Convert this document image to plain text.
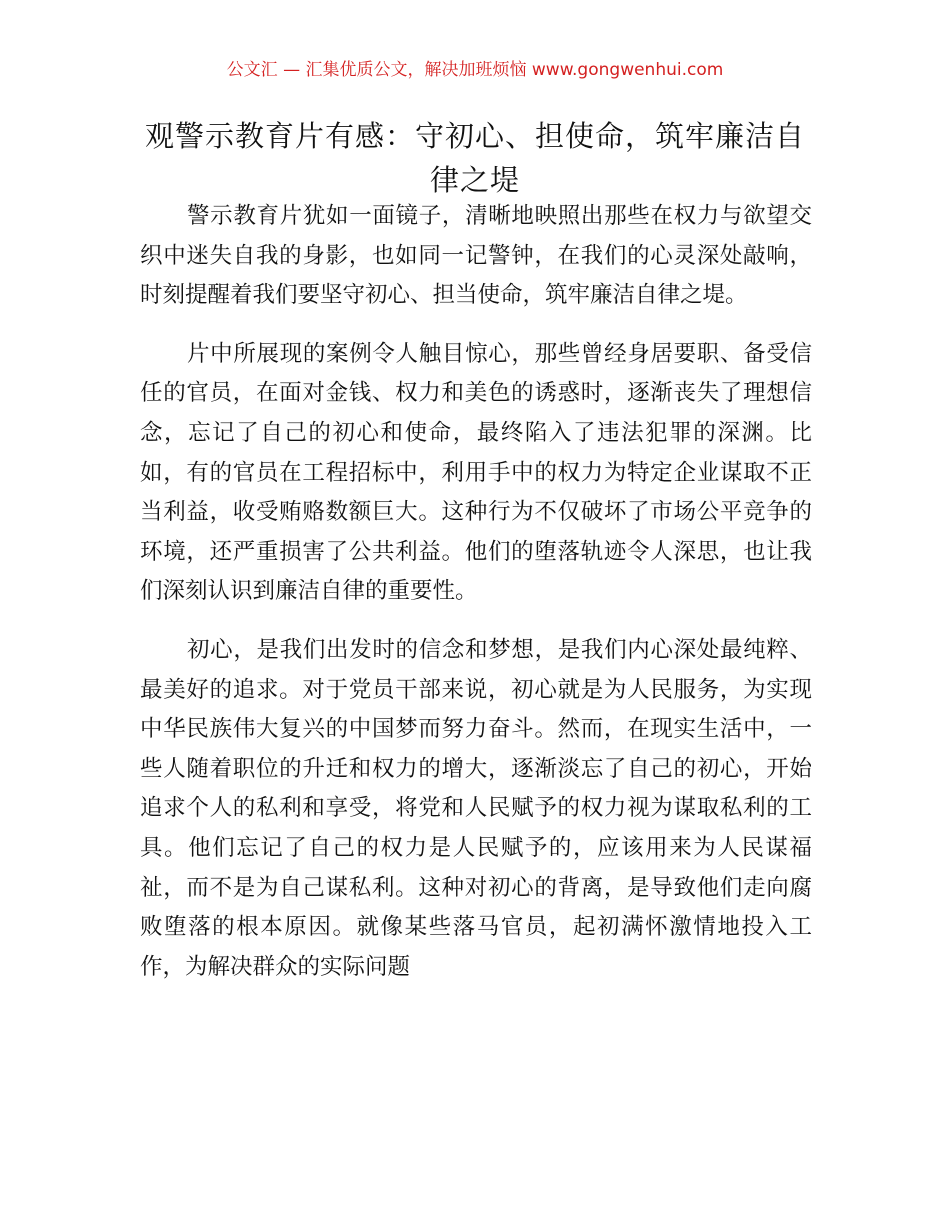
公文汇 — 汇集优质公文，解决加班烦恼 www.gongwenhui.com
观警示教育片有感：守初心、担使命，筑牢廉洁自律之堤

警示教育片犹如一面镜子，清晰地映照出那些在权力与欲望交织中迷失自我的身影，也如同一记警钟，在我们的心灵深处敲响，时刻提醒着我们要坚守初心、担当使命，筑牢廉洁自律之堤。

片中所展现的案例令人触目惊心，那些曾经身居要职、备受信任的官员，在面对金钱、权力和美色的诱惑时，逐渐丧失了理想信念，忘记了自己的初心和使命，最终陷入了违法犯罪的深渊。比如，有的官员在工程招标中，利用手中的权力为特定企业谋取不正当利益，收受贿赂数额巨大。这种行为不仅破坏了市场公平竞争的环境，还严重损害了公共利益。他们的堕落轨迹令人深思，也让我们深刻认识到廉洁自律的重要性。

初心，是我们出发时的信念和梦想，是我们内心深处最纯粹、最美好的追求。对于党员干部来说，初心就是为人民服务，为实现中华民族伟大复兴的中国梦而努力奋斗。然而，在现实生活中，一些人随着职位的升迁和权力的增大，逐渐淡忘了自己的初心，开始追求个人的私利和享受，将党和人民赋予的权力视为谋取私利的工具。他们忘记了自己的权力是人民赋予的，应该用来为人民谋福祉，而不是为自己谋私利。这种对初心的背离，是导致他们走向腐败堕落的根本原因。就像某些落马官员，起初满怀激情地投入工作，为解决群众的实际问题
